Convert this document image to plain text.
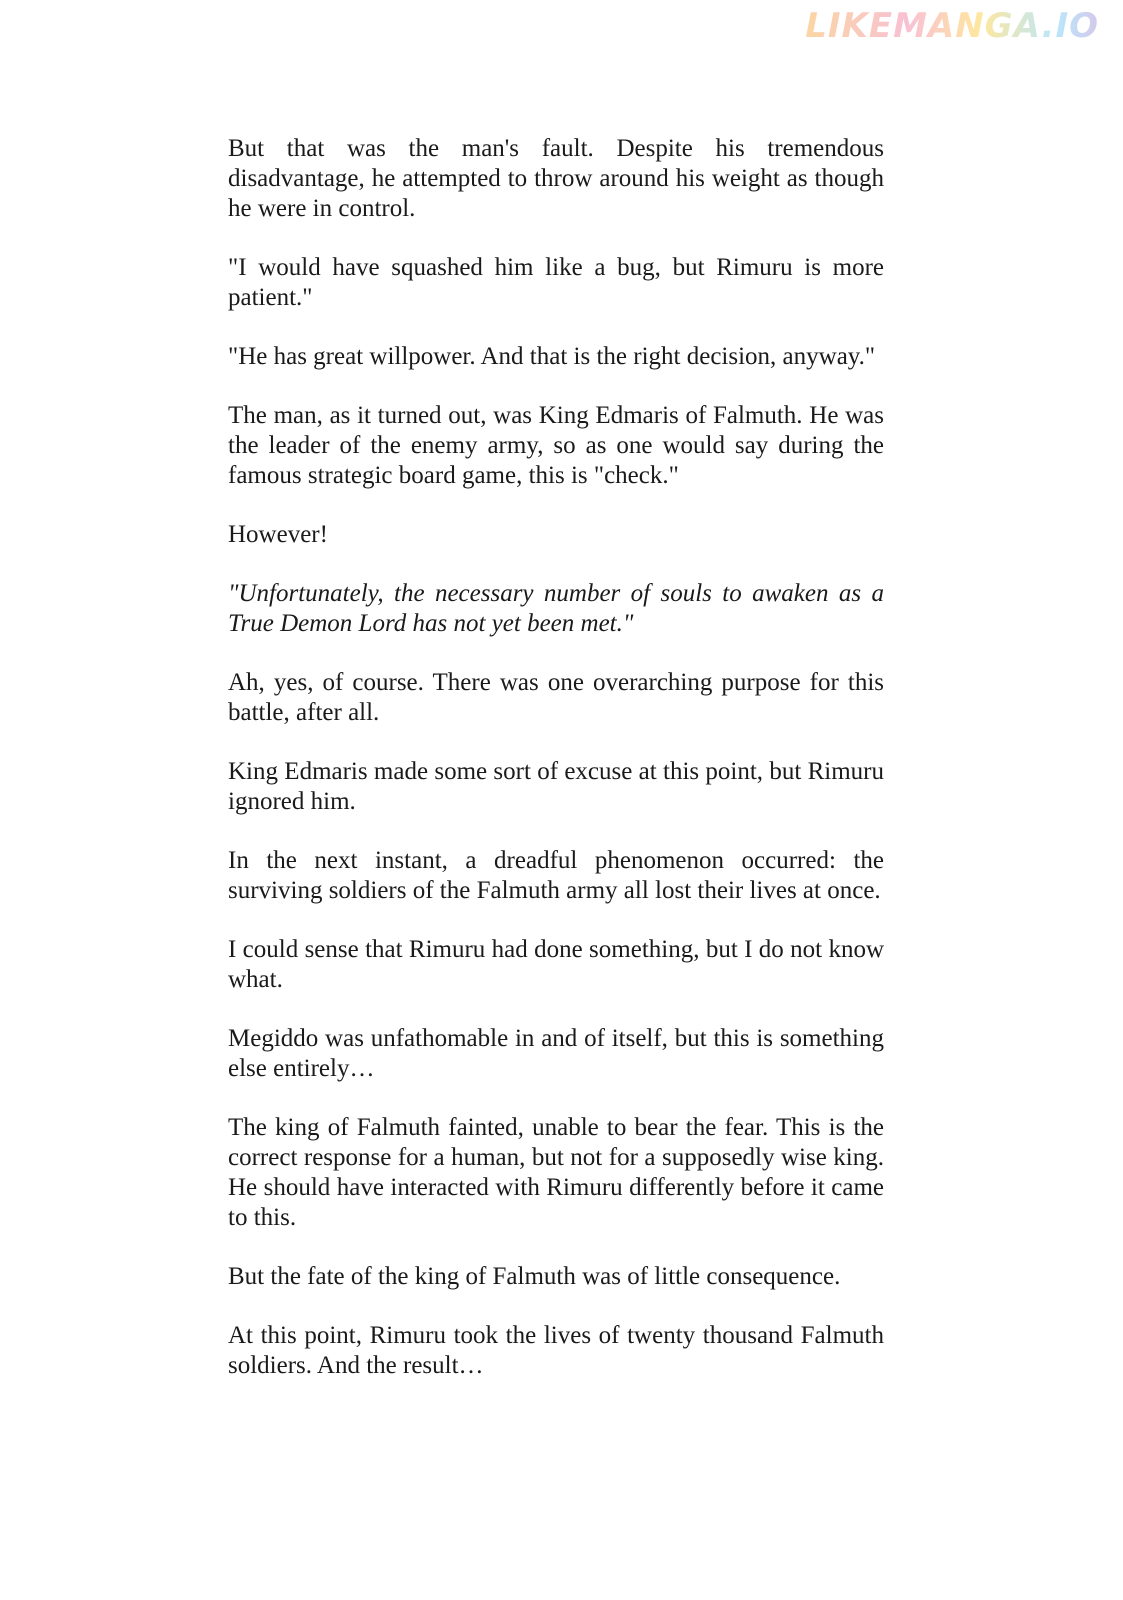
LIKEMANGA.IO

But that was the man's fault. Despite his tremendous disadvantage, he attempted to throw around his weight as though he were in control.

"I would have squashed him like a bug, but Rimuru is more patient."

"He has great willpower. And that is the right decision, anyway."

The man, as it turned out, was King Edmaris of Falmuth. He was the leader of the enemy army, so as one would say during the famous strategic board game, this is "check."

However!

"Unfortunately, the necessary number of souls to awaken as a True Demon Lord has not yet been met."

Ah, yes, of course. There was one overarching purpose for this battle, after all.

King Edmaris made some sort of excuse at this point, but Rimuru ignored him.

In the next instant, a dreadful phenomenon occurred: the surviving soldiers of the Falmuth army all lost their lives at once.

I could sense that Rimuru had done something, but I do not know what.

Megiddo was unfathomable in and of itself, but this is something else entirely…

The king of Falmuth fainted, unable to bear the fear. This is the correct response for a human, but not for a supposedly wise king. He should have interacted with Rimuru differently before it came to this.

But the fate of the king of Falmuth was of little consequence.

At this point, Rimuru took the lives of twenty thousand Falmuth soldiers. And the result…
